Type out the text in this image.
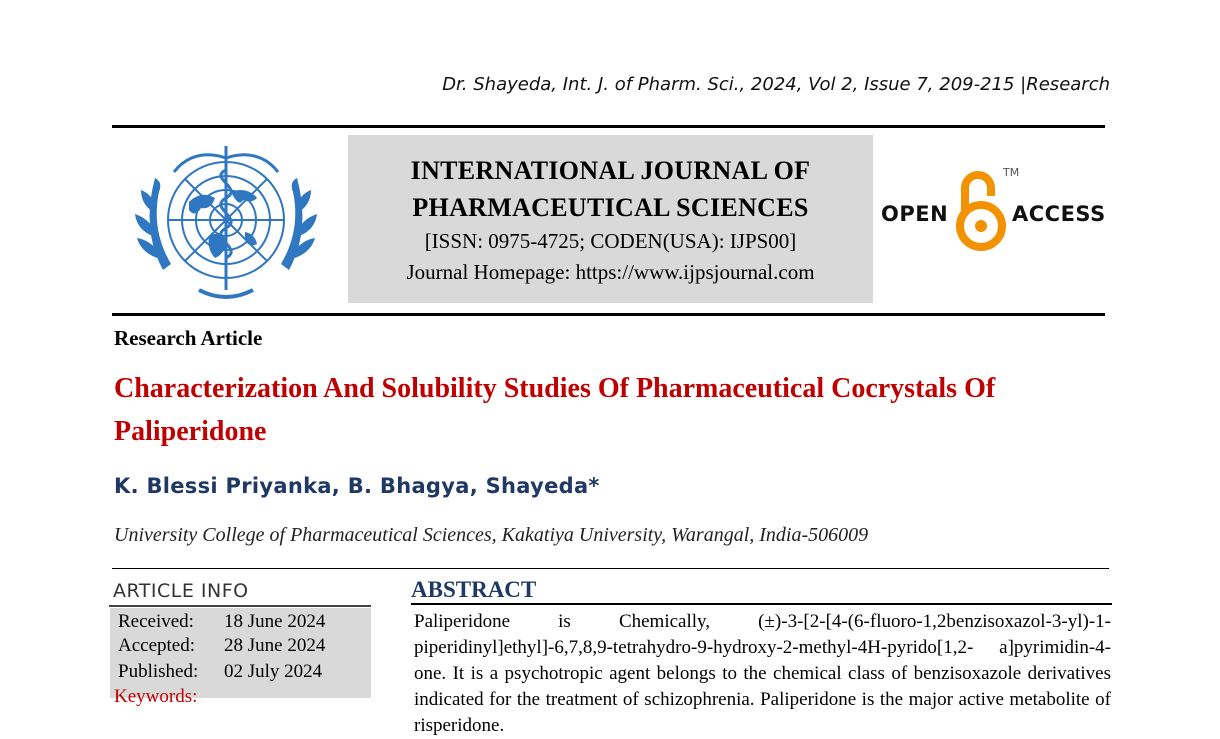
Dr. Shayeda, Int. J. of Pharm. Sci., 2024, Vol 2, Issue 7, 209-215 |Research
INTERNATIONAL JOURNAL OF
PHARMACEUTICAL SCIENCES
[ISSN: 0975-4725; CODEN(USA): IJPS00]
Journal Homepage: https://www.ijpsjournal.com
OPEN
TM
ACCESS
Research Article
Characterization And Solubility Studies Of Pharmaceutical Cocrystals Of Paliperidone
K. Blessi Priyanka, B. Bhagya, Shayeda*
University College of Pharmaceutical Sciences, Kakatiya University, Warangal, India-506009
ARTICLE INFO
Received: 18 June 2024
Accepted: 28 June 2024
Published: 02 July 2024
Keywords:
ABSTRACT
Paliperidone is Chemically, (±)-3-[2-[4-(6-fluoro-1,2benzisoxazol-3-yl)-1-piperidinyl]ethyl]-6,7,8,9-tetrahydro-9-hydroxy-2-methyl-4H-pyrido[1,2- a]pyrimidin-4-one. It is a psychotropic agent belongs to the chemical class of benzisoxazole derivatives indicated for the treatment of schizophrenia. Paliperidone is the major active metabolite of risperidone.
